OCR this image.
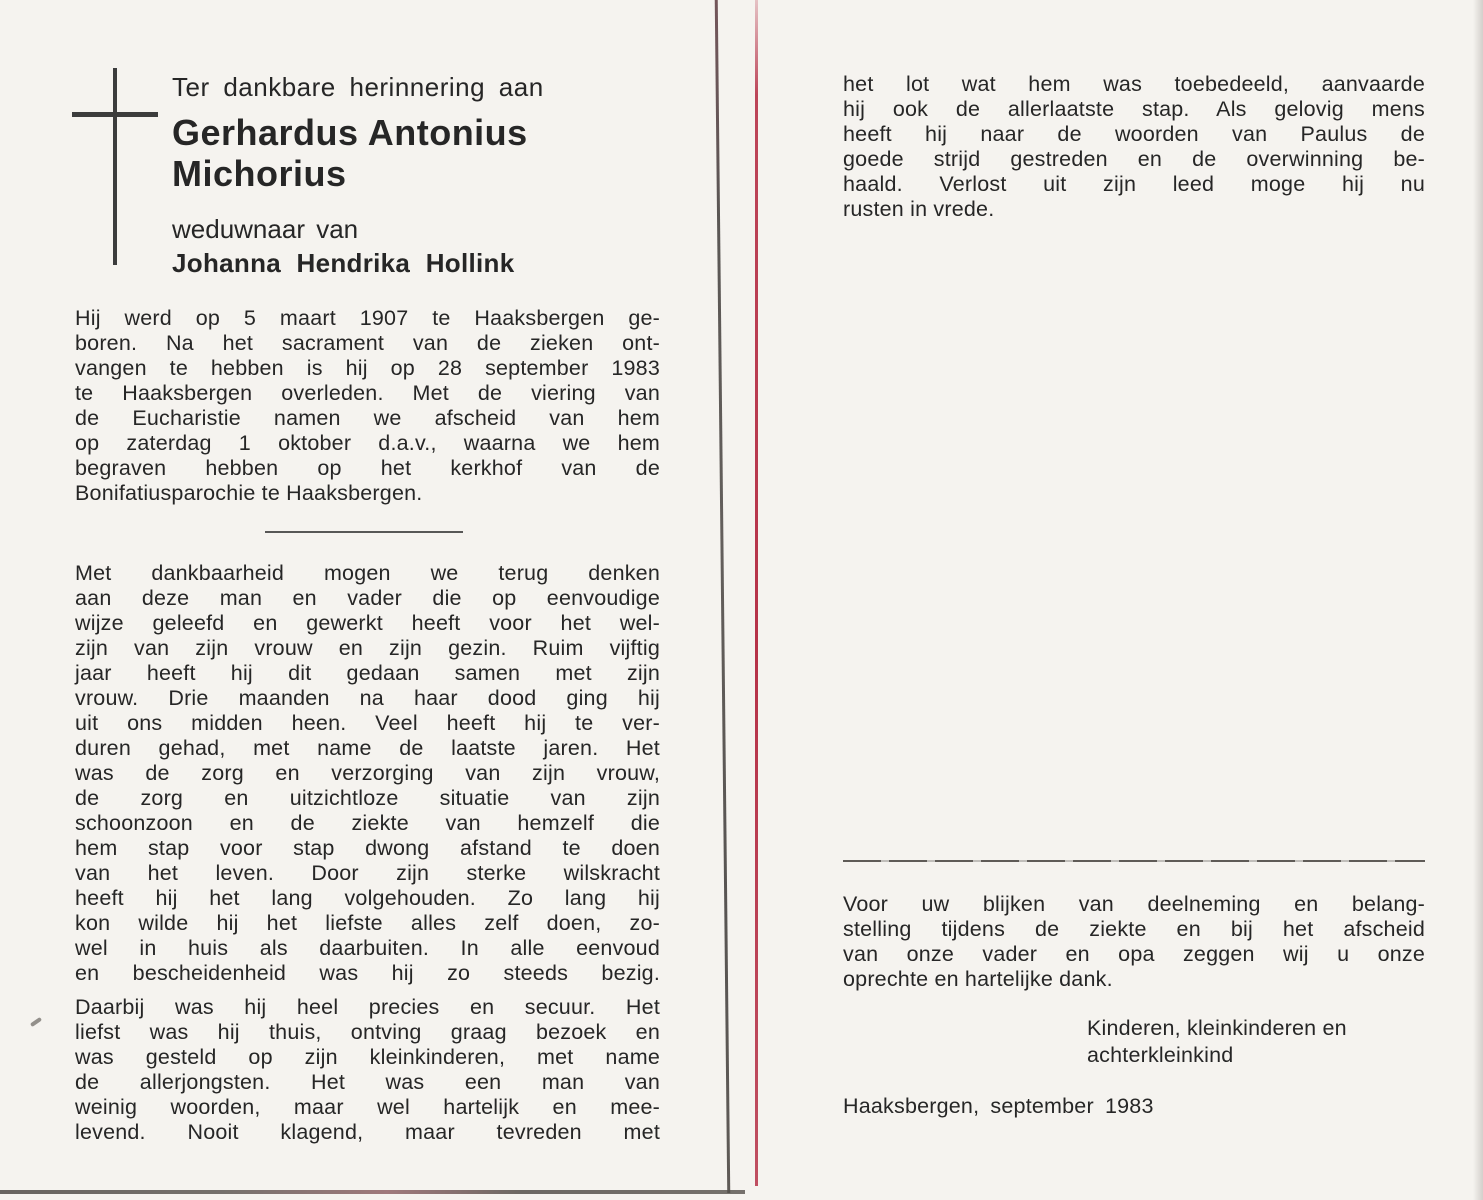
Ter dankbare herinnering aan
Gerhardus Antonius
Michorius
weduwnaar van
Johanna Hendrika Hollink
Hij werd op 5 maart 1907 te Haaksbergen ge-
boren. Na het sacrament van de zieken ont-
vangen te hebben is hij op 28 september 1983
te Haaksbergen overleden. Met de viering van
de Eucharistie namen we afscheid van hem
op zaterdag 1 oktober d.a.v., waarna we hem
begraven hebben op het kerkhof van de
Bonifatiusparochie te Haaksbergen.
Met dankbaarheid mogen we terug denken
aan deze man en vader die op eenvoudige
wijze geleefd en gewerkt heeft voor het wel-
zijn van zijn vrouw en zijn gezin. Ruim vijftig
jaar heeft hij dit gedaan samen met zijn
vrouw. Drie maanden na haar dood ging hij
uit ons midden heen. Veel heeft hij te ver-
duren gehad, met name de laatste jaren. Het
was de zorg en verzorging van zijn vrouw,
de zorg en uitzichtloze situatie van zijn
schoonzoon en de ziekte van hemzelf die
hem stap voor stap dwong afstand te doen
van het leven. Door zijn sterke wilskracht
heeft hij het lang volgehouden. Zo lang hij
kon wilde hij het liefste alles zelf doen, zo-
wel in huis als daarbuiten. In alle eenvoud
en bescheidenheid was hij zo steeds bezig.
Daarbij was hij heel precies en secuur. Het
liefst was hij thuis, ontving graag bezoek en
was gesteld op zijn kleinkinderen, met name
de allerjongsten. Het was een man van
weinig woorden, maar wel hartelijk en mee-
levend. Nooit klagend, maar tevreden met
het lot wat hem was toebedeeld, aanvaarde
hij ook de allerlaatste stap. Als gelovig mens
heeft hij naar de woorden van Paulus de
goede strijd gestreden en de overwinning be-
haald. Verlost uit zijn leed moge hij nu
rusten in vrede.
Voor uw blijken van deelneming en belang-
stelling tijdens de ziekte en bij het afscheid
van onze vader en opa zeggen wij u onze
oprechte en hartelijke dank.
Kinderen, kleinkinderen en
achterkleinkind
Haaksbergen, september 1983
